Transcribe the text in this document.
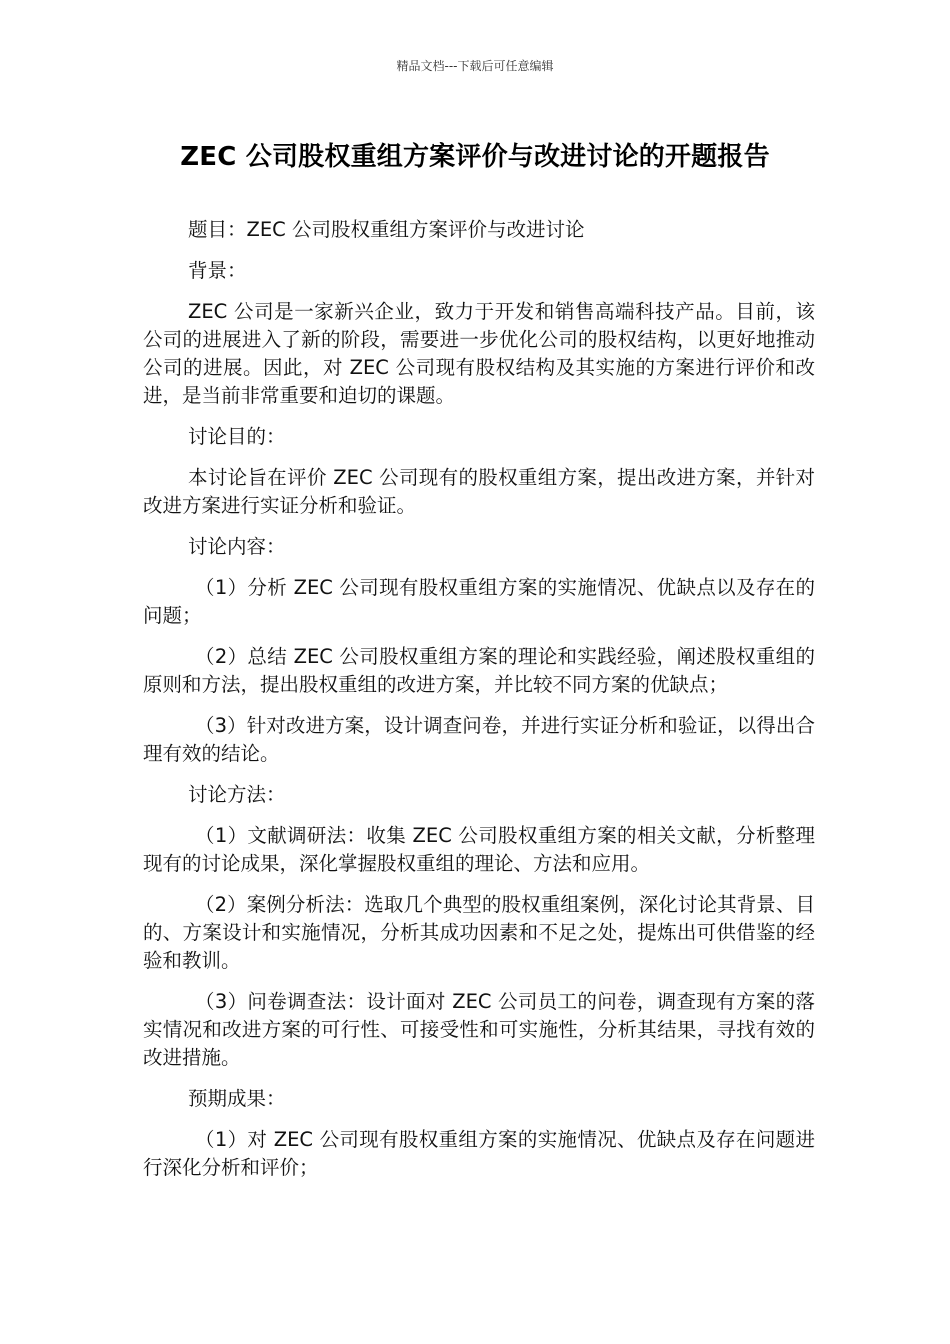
精品文档---下载后可任意编辑
ZEC 公司股权重组方案评价与改进讨论的开题报告

题目：ZEC 公司股权重组方案评价与改进讨论

背景：

ZEC 公司是一家新兴企业，致力于开发和销售高端科技产品。目前，该公司的进展进入了新的阶段，需要进一步优化公司的股权结构，以更好地推动公司的进展。因此，对 ZEC 公司现有股权结构及其实施的方案进行评价和改进，是当前非常重要和迫切的课题。

讨论目的：

本讨论旨在评价 ZEC 公司现有的股权重组方案，提出改进方案，并针对改进方案进行实证分析和验证。

讨论内容：

（1）分析 ZEC 公司现有股权重组方案的实施情况、优缺点以及存在的问题；

（2）总结 ZEC 公司股权重组方案的理论和实践经验，阐述股权重组的原则和方法，提出股权重组的改进方案，并比较不同方案的优缺点；

（3）针对改进方案，设计调查问卷，并进行实证分析和验证，以得出合理有效的结论。

讨论方法：

（1）文献调研法：收集 ZEC 公司股权重组方案的相关文献，分析整理现有的讨论成果，深化掌握股权重组的理论、方法和应用。

（2）案例分析法：选取几个典型的股权重组案例，深化讨论其背景、目的、方案设计和实施情况，分析其成功因素和不足之处，提炼出可供借鉴的经验和教训。

（3）问卷调查法：设计面对 ZEC 公司员工的问卷，调查现有方案的落实情况和改进方案的可行性、可接受性和可实施性，分析其结果，寻找有效的改进措施。

预期成果：

（1）对 ZEC 公司现有股权重组方案的实施情况、优缺点及存在问题进行深化分析和评价；
